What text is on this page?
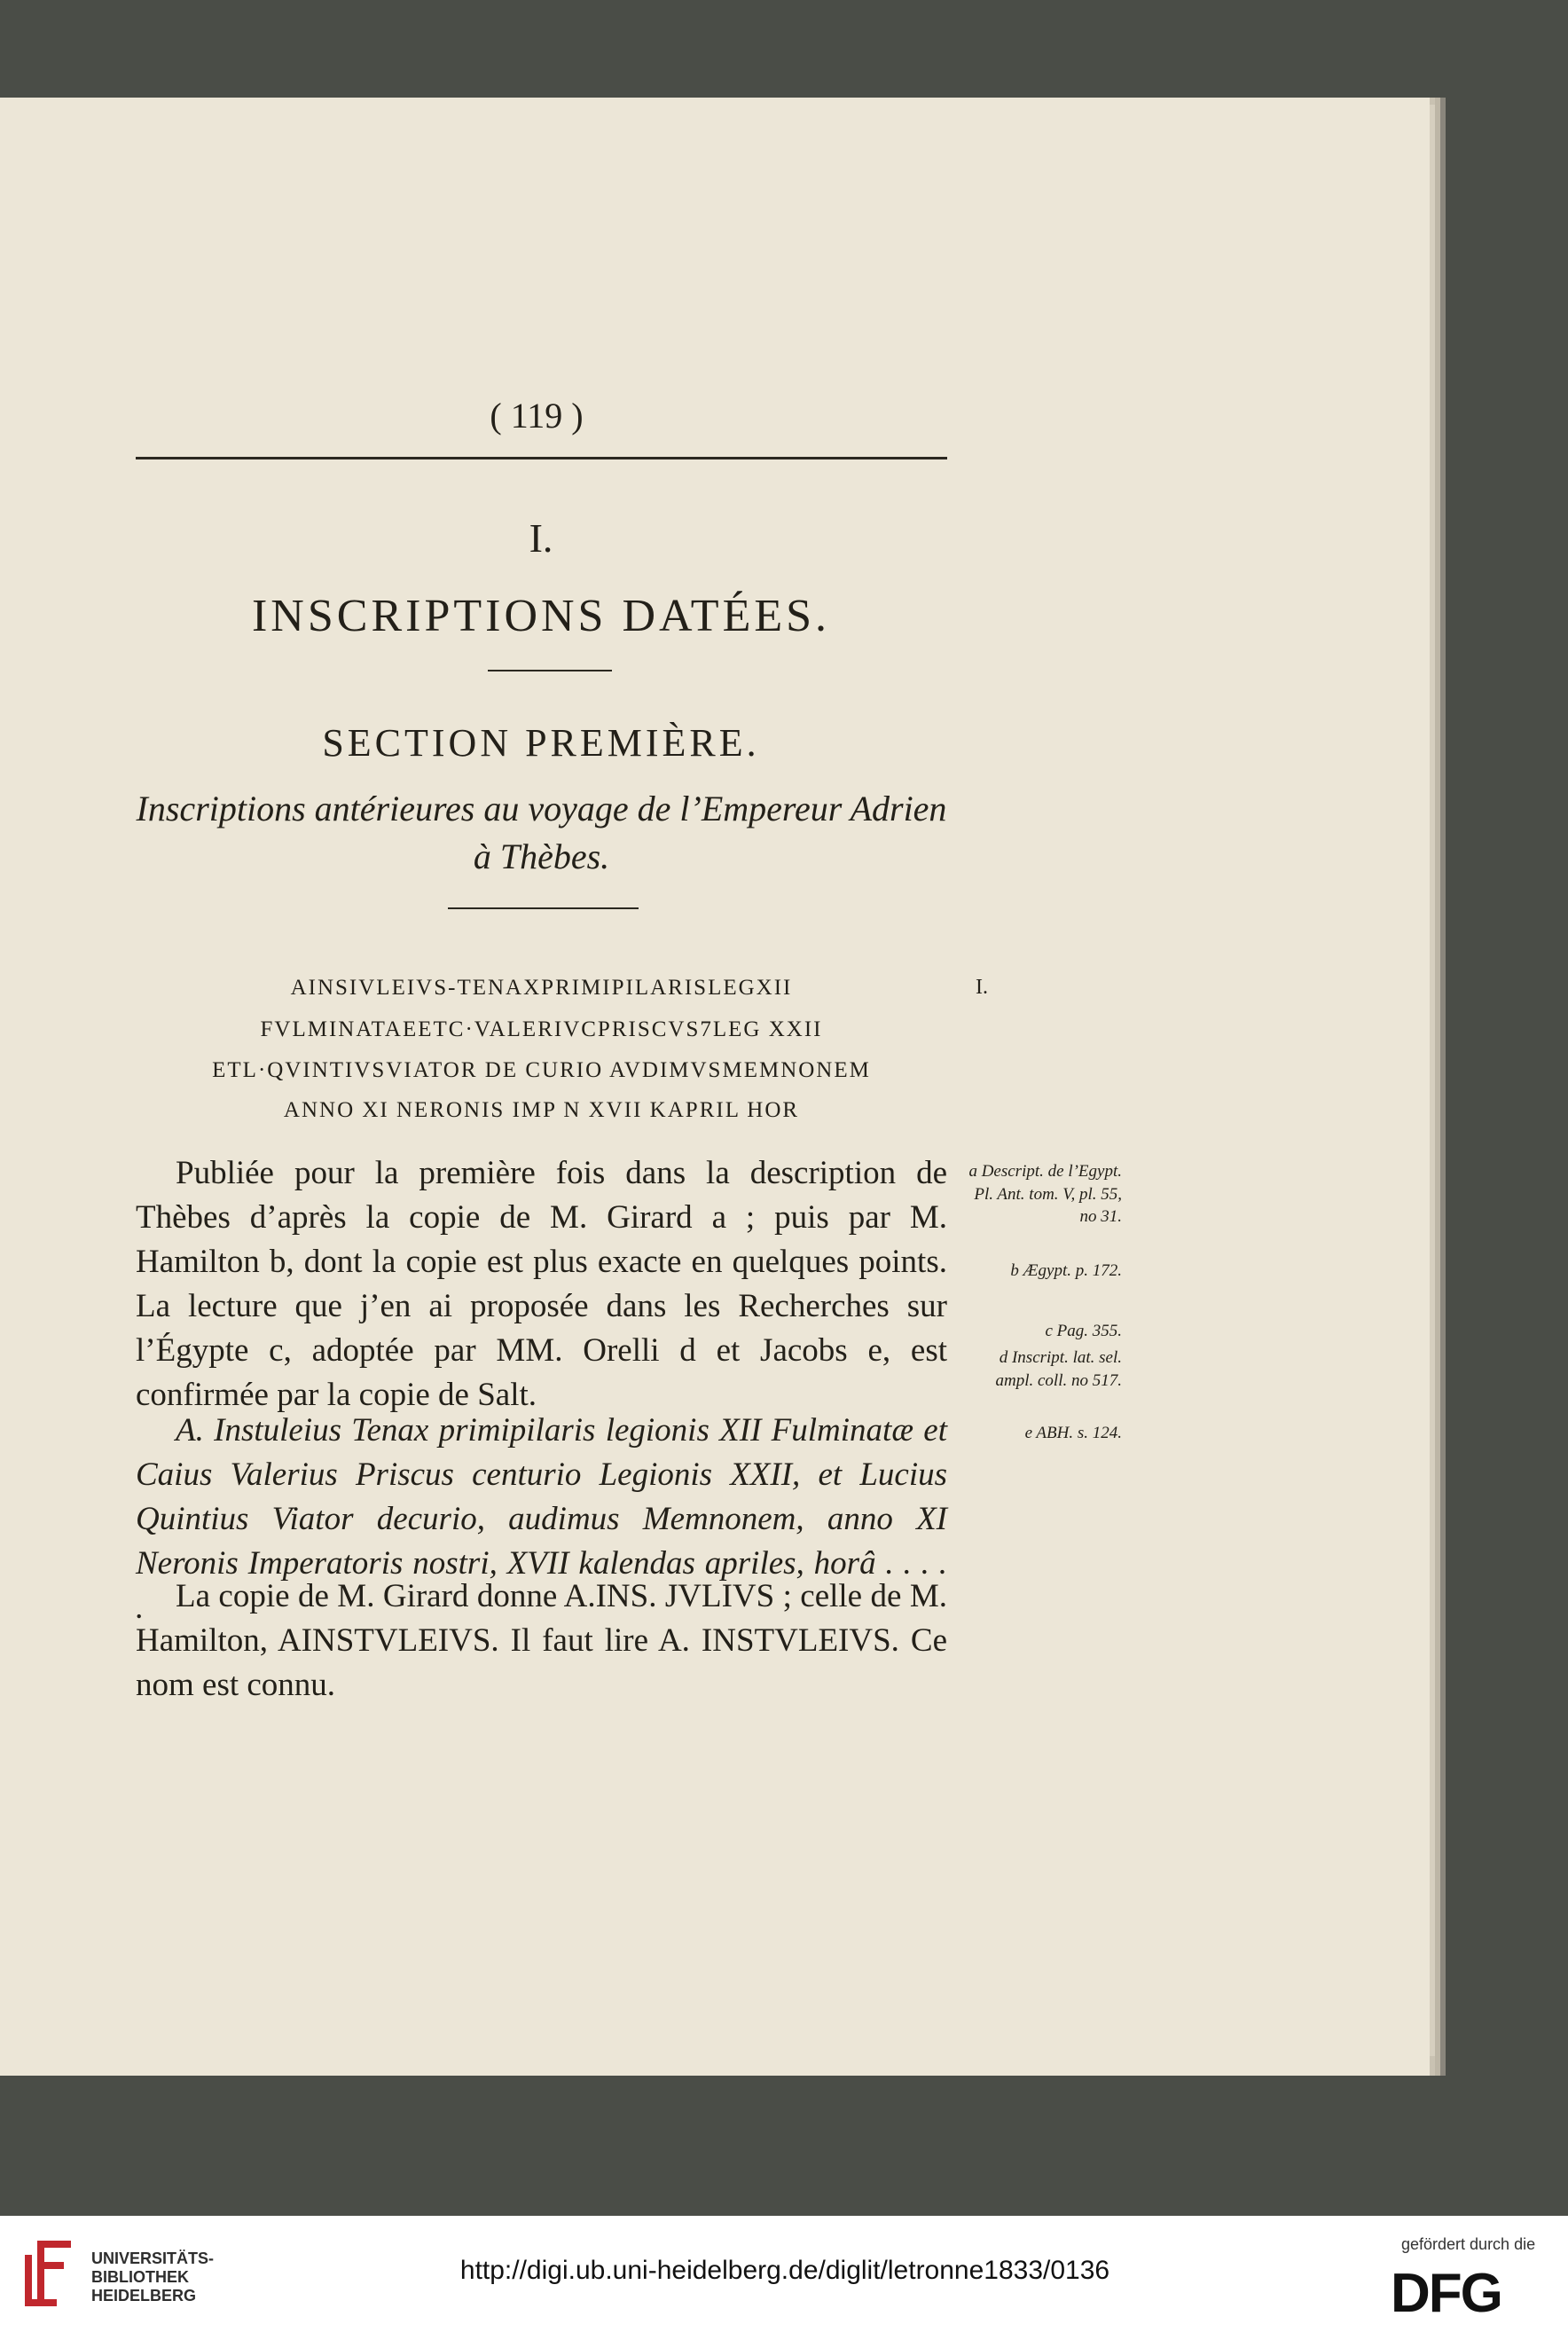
( 119 )
I.
INSCRIPTIONS DATÉES.
SECTION PREMIÈRE.
Inscriptions antérieures au voyage de l’Empereur Adrien à Thèbes.
AINSIVLEIVS-TENAXPRIMIPILARISLEGXII
FVLMINATAEETC·VALERIVCPRISCVS7LEG XXII
ETL·QVINTIVSVIATOR DE CURIO AVDIMVSMEMNONEM
ANNO XI NERONIS IMP N XVII KAPRIL HOR
I.
Publiée pour la première fois dans la description de Thèbes d’après la copie de M. Girard a ; puis par M. Hamilton b, dont la copie est plus exacte en quelques points. La lecture que j’en ai proposée dans les Recherches sur l’Égypte c, adoptée par MM. Orelli d et Jacobs e, est confirmée par la copie de Salt.
A. Instuleius Tenax primipilaris legionis XII Fulminatæ et Caius Valerius Priscus centurio Legionis XXII, et Lucius Quintius Viator decurio, audimus Memnonem, anno XI Neronis Imperatoris nostri, XVII kalendas apriles, horâ . . . . . La copie de M. Girard donne A.INS. JVLIVS ; celle de M. Hamilton, AINSTVLEIVS. Il faut lire A. INSTVLEIVS. Ce nom est connu.
a Descript. de l’Egypt. Pl. Ant. tom. V, pl. 55, no 31.
b Ægypt. p. 172.
c Pag. 355.
d Inscript. lat. sel. ampl. coll. no 517.
e ABH. s. 124.
UNIVERSITÄTS-
BIBLIOTHEK
HEIDELBERG
http://digi.ub.uni-heidelberg.de/diglit/letronne1833/0136
gefördert durch die
DFG
